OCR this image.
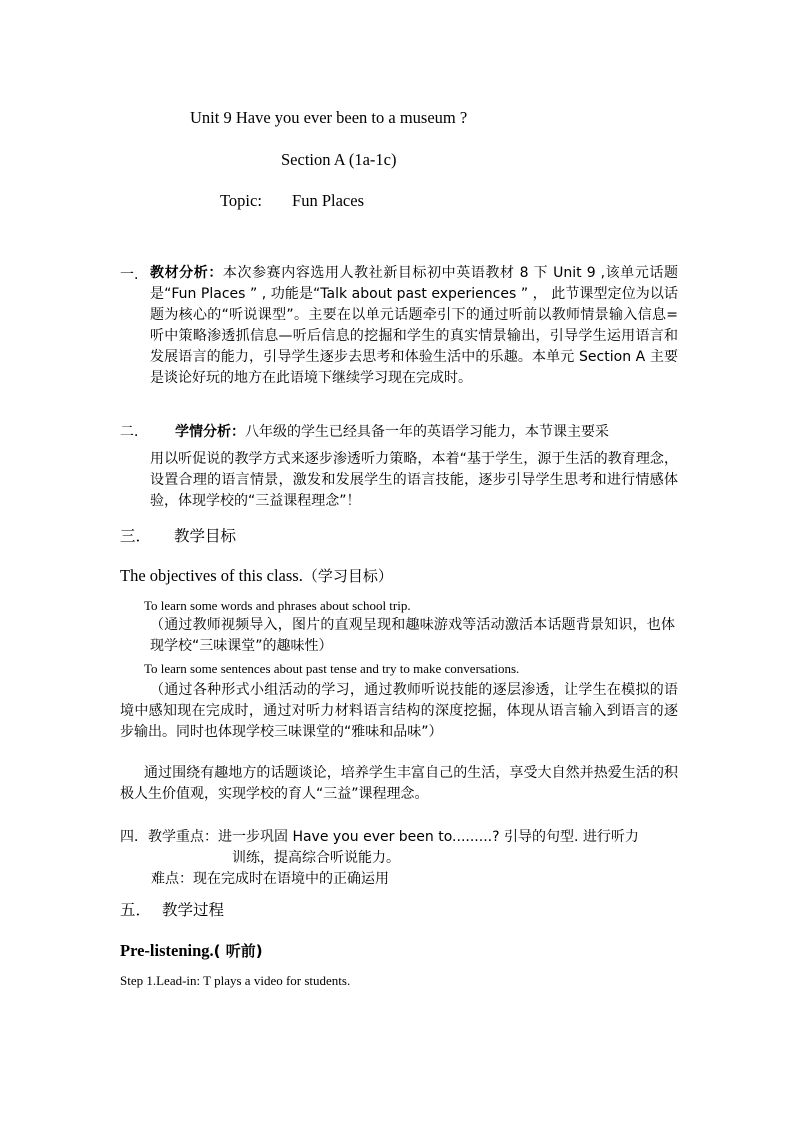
Unit 9 Have you ever been to a museum ?
Section A (1a-1c)
Topic: Fun Places
一. 教材分析：本次参赛内容选用人教社新目标初中英语教材 8 下 Unit 9 ,该单元话题是“Fun Places ” , 功能是“Talk about past experiences ” ， 此节课型定位为以话题为核心的“听说课型”。主要在以单元话题牵引下的通过听前以教师情景输入信息=听中策略渗透抓信息—听后信息的挖掘和学生的真实情景输出，引导学生运用语言和发展语言的能力，引导学生逐步去思考和体验生活中的乐趣。本单元 Section A 主要是谈论好玩的地方在此语境下继续学习现在完成时。
二． 学情分析：八年级的学生已经具备一年的英语学习能力，本节课主要采
用以听促说的教学方式来逐步渗透听力策略，本着“基于学生，源于生活的教育理念，设置合理的语言情景，激发和发展学生的语言技能，逐步引导学生思考和进行情感体验，体现学校的“三益课程理念”！
三． 教学目标
The objectives of this class.（学习目标）
To learn some words and phrases about school trip.
（通过教师视频导入，图片的直观呈现和趣味游戏等活动激活本话题背景知识，也体现学校“三味课堂”的趣味性）
To learn some sentences about past tense and try to make conversations.
（通过各种形式小组活动的学习，通过教师听说技能的逐层渗透，让学生在模拟的语境中感知现在完成时，通过对听力材料语言结构的深度挖掘，体现从语言输入到语言的逐步输出。同时也体现学校三味课堂的“雅味和品味”）
通过围绕有趣地方的话题谈论，培养学生丰富自己的生活，享受大自然并热爱生活的积极人生价值观，实现学校的育人“三益”课程理念。
四．教学重点：进一步巩固 Have you ever been to.........? 引导的句型. 进行听力
训练，提高综合听说能力。
难点：现在完成时在语境中的正确运用
五． 教学过程
Pre-listening.( 听前)
Step 1.Lead-in: T plays a video for students.
